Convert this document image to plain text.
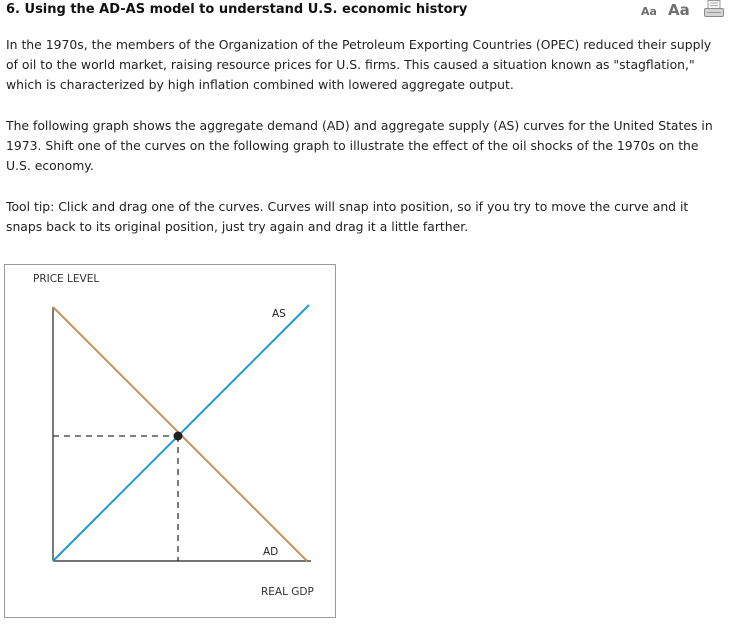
6. Using the AD-AS model to understand U.S. economic history	Aa Aa

In the 1970s, the members of the Organization of the Petroleum Exporting Countries (OPEC) reduced their supply of oil to the world market, raising resource prices for U.S. firms. This caused a situation known as "stagflation," which is characterized by high inflation combined with lowered aggregate output.

The following graph shows the aggregate demand (AD) and aggregate supply (AS) curves for the United States in 1973. Shift one of the curves on the following graph to illustrate the effect of the oil shocks of the 1970s on the U.S. economy.

Tool tip: Click and drag one of the curves. Curves will snap into position, so if you try to move the curve and it snaps back to its original position, just try again and drag it a little farther.

PRICE LEVEL
REAL GDP
AS
AD
